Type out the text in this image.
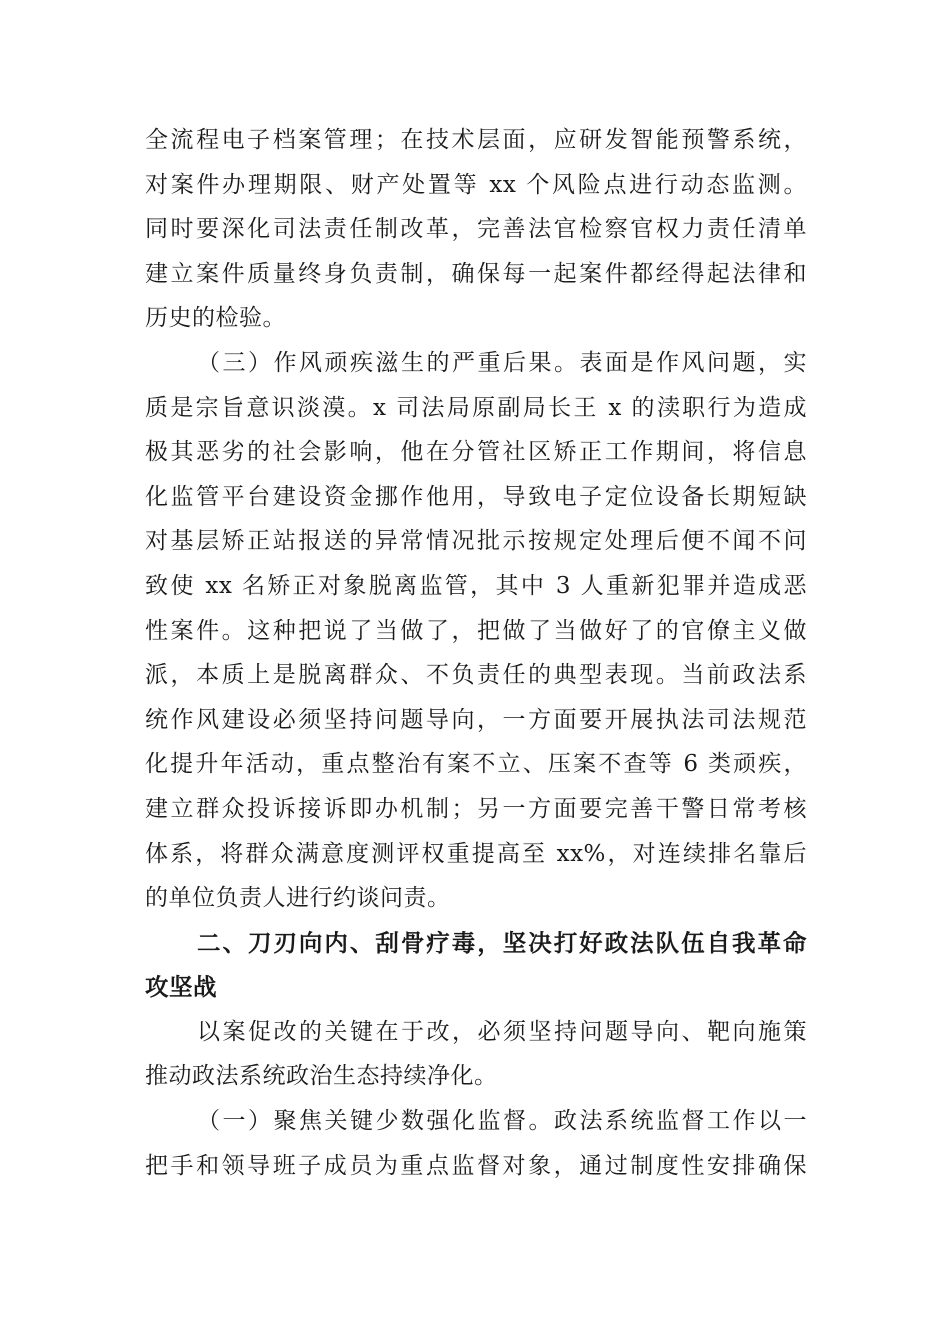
全流程电子档案管理；在技术层面，应研发智能预警系统，
对案件办理期限、财产处置等 xx 个风险点进行动态监测。
同时要深化司法责任制改革，完善法官检察官权力责任清单
建立案件质量终身负责制，确保每一起案件都经得起法律和
历史的检验。
（三）作风顽疾滋生的严重后果。表面是作风问题，实
质是宗旨意识淡漠。x 司法局原副局长王 x 的渎职行为造成
极其恶劣的社会影响，他在分管社区矫正工作期间，将信息
化监管平台建设资金挪作他用，导致电子定位设备长期短缺
对基层矫正站报送的异常情况批示按规定处理后便不闻不问
致使 xx 名矫正对象脱离监管，其中 3 人重新犯罪并造成恶
性案件。这种把说了当做了，把做了当做好了的官僚主义做
派，本质上是脱离群众、不负责任的典型表现。当前政法系
统作风建设必须坚持问题导向，一方面要开展执法司法规范
化提升年活动，重点整治有案不立、压案不查等 6 类顽疾，
建立群众投诉接诉即办机制；另一方面要完善干警日常考核
体系，将群众满意度测评权重提高至 xx%，对连续排名靠后
的单位负责人进行约谈问责。
二、刀刃向内、刮骨疗毒，坚决打好政法队伍自我革命
攻坚战
以案促改的关键在于改，必须坚持问题导向、靶向施策
推动政法系统政治生态持续净化。
（一）聚焦关键少数强化监督。政法系统监督工作以一
把手和领导班子成员为重点监督对象，通过制度性安排确保
